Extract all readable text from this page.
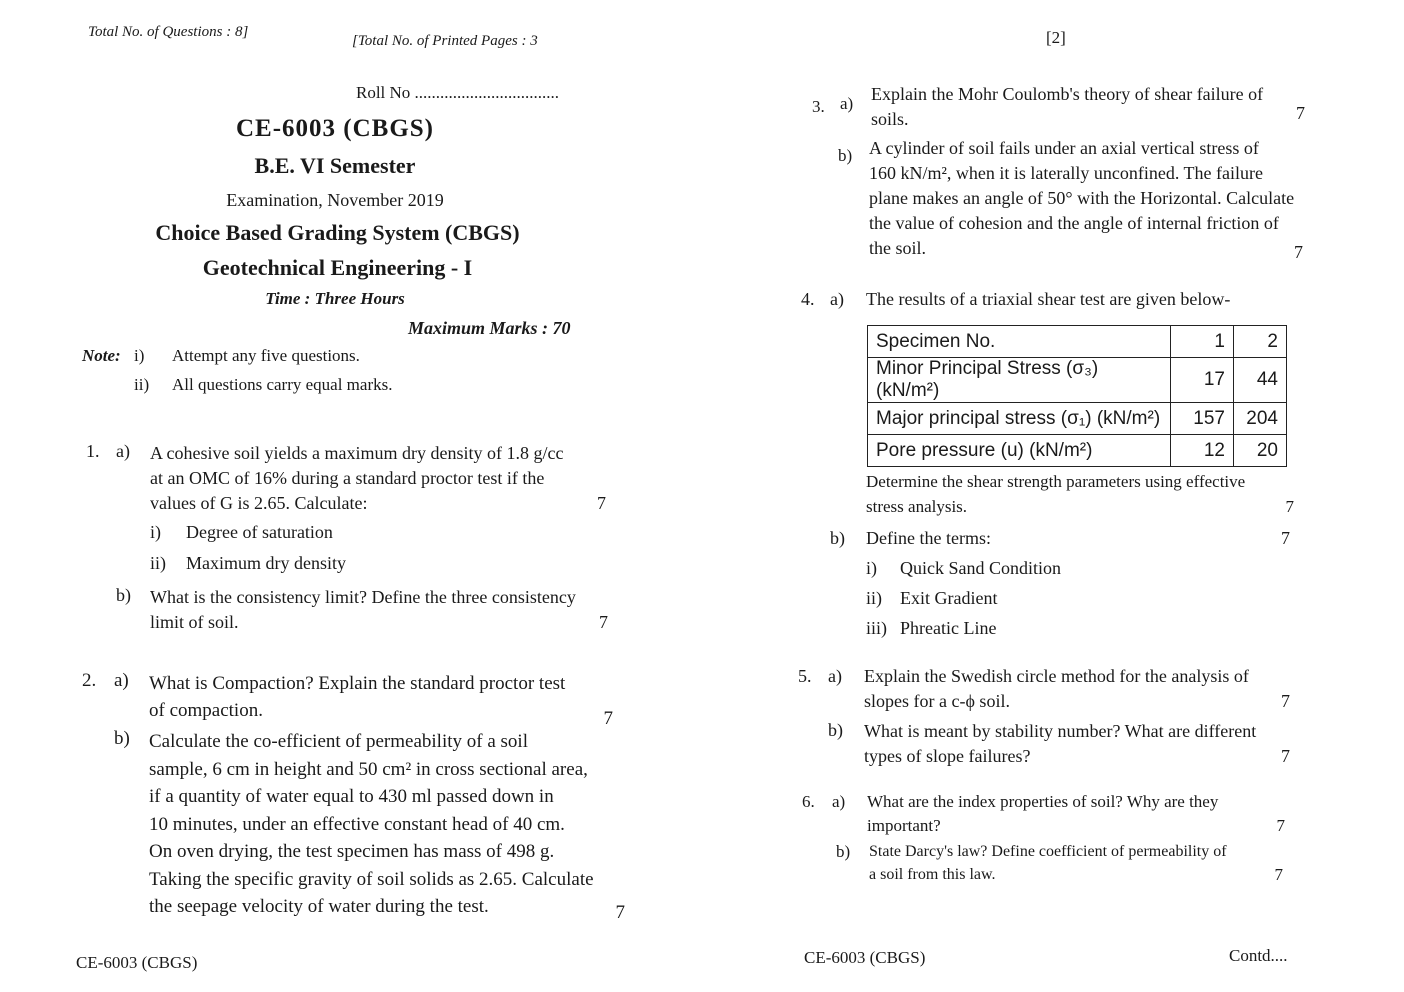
Total No. of Questions : 8]
[Total No. of Printed Pages : 3
Roll No ..................................
CE-6003 (CBGS)
B.E. VI Semester
Examination, November 2019
Choice Based Grading System (CBGS)
Geotechnical Engineering - I
Time : Three Hours
Maximum Marks : 70
Note: i) Attempt any five questions.
ii) All questions carry equal marks.
1. a) A cohesive soil yields a maximum dry density of 1.8 g/cc
at an OMC of 16% during a standard proctor test if the
values of G is 2.65. Calculate:	7
i) Degree of saturation
ii) Maximum dry density
b) What is the consistency limit? Define the three consistency
limit of soil.	7
2. a) What is Compaction? Explain the standard proctor test
of compaction.	7
b) Calculate the co-efficient of permeability of a soil
sample, 6 cm in height and 50 cm² in cross sectional area,
if a quantity of water equal to 430 ml passed down in
10 minutes, under an effective constant head of 40 cm.
On oven drying, the test specimen has mass of 498 g.
Taking the specific gravity of soil solids as 2.65. Calculate
the seepage velocity of water during the test.	7
CE-6003 (CBGS)
[2]
3. a) Explain the Mohr Coulomb's theory of shear failure of
soils.	7
b) A cylinder of soil fails under an axial vertical stress of
160 kN/m², when it is laterally unconfined. The failure
plane makes an angle of 50° with the Horizontal. Calculate
the value of cohesion and the angle of internal friction of
the soil.	7
4. a) The results of a triaxial shear test are given below-
Specimen No.	1	2
Minor Principal Stress (σ₃) (kN/m²)	17	44
Major principal stress (σ₁) (kN/m²)	157	204
Pore pressure (u) (kN/m²)	12	20
Determine the shear strength parameters using effective
stress analysis.	7
b) Define the terms:	7
i) Quick Sand Condition
ii) Exit Gradient
iii) Phreatic Line
5. a) Explain the Swedish circle method for the analysis of
slopes for a c-ϕ soil.	7
b) What is meant by stability number? What are different
types of slope failures?	7
6. a) What are the index properties of soil? Why are they
important?	7
b) State Darcy's law? Define coefficient of permeability of
a soil from this law.	7
CE-6003 (CBGS)	Contd....
